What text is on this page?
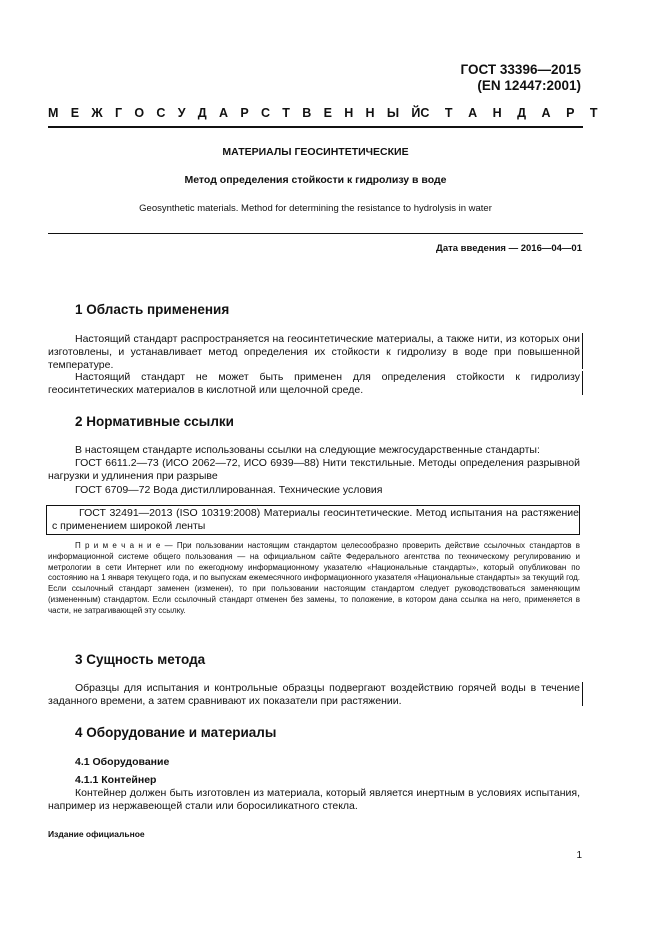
ГОСТ 33396—2015
(EN 12447:2001)
М Е Ж Г О С У Д А Р С Т В Е Н Н Ы Й С Т А Н Д А Р Т
МАТЕРИАЛЫ ГЕОСИНТЕТИЧЕСКИЕ
Метод определения стойкости к гидролизу в воде
Geosynthetic materials. Method for determining the resistance to hydrolysis in water
Дата введения — 2016—04—01
1 Область применения
Настоящий стандарт распространяется на геосинтетические материалы, а также нити, из которых они изготовлены, и устанавливает метод определения их стойкости к гидролизу в воде при повышенной температуре.
Настоящий стандарт не может быть применен для определения стойкости к гидролизу геосинтетических материалов в кислотной или щелочной среде.
2 Нормативные ссылки
В настоящем стандарте использованы ссылки на следующие межгосударственные стандарты:
ГОСТ 6611.2—73 (ИСО 2062—72, ИСО 6939—88) Нити текстильные. Методы определения разрывной нагрузки и удлинения при разрыве
ГОСТ 6709—72 Вода дистиллированная. Технические условия
ГОСТ 32491—2013 (ISO 10319:2008) Материалы геосинтетические. Метод испытания на растяжение с применением широкой ленты
П р и м е ч а н и е — При пользовании настоящим стандартом целесообразно проверить действие ссылочных стандартов в информационной системе общего пользования — на официальном сайте Федерального агентства по техническому регулированию и метрологии в сети Интернет или по ежегодному информационному указателю «Национальные стандарты», который опубликован по состоянию на 1 января текущего года, и по выпускам ежемесячного информационного указателя «Национальные стандарты» за текущий год. Если ссылочный стандарт заменен (изменен), то при пользовании настоящим стандартом следует руководствоваться заменяющим (измененным) стандартом. Если ссылочный стандарт отменен без замены, то положение, в котором дана ссылка на него, применяется в части, не затрагивающей эту ссылку.
3 Сущность метода
Образцы для испытания и контрольные образцы подвергают воздействию горячей воды в течение заданного времени, а затем сравнивают их показатели при растяжении.
4 Оборудование и материалы
4.1 Оборудование
4.1.1 Контейнер
Контейнер должен быть изготовлен из материала, который является инертным в условиях испытания, например из нержавеющей стали или боросиликатного стекла.
Издание официальное
1
